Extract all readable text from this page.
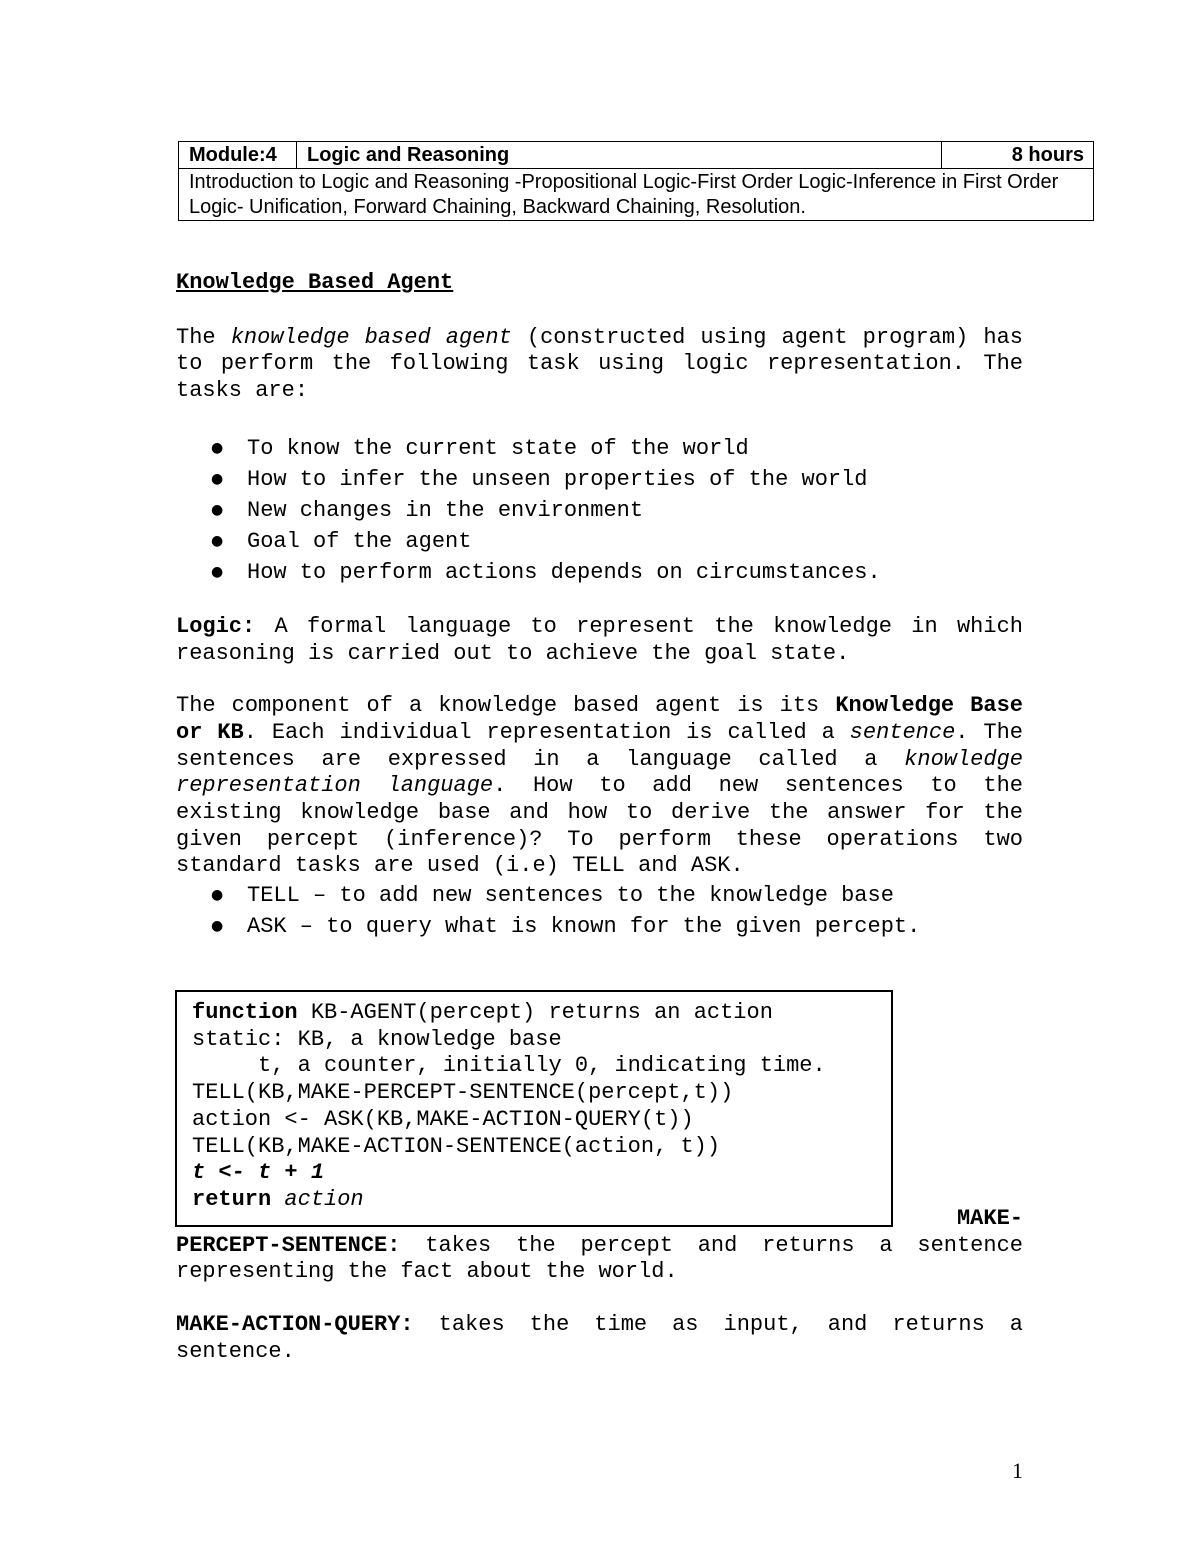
Module:4	Logic and Reasoning	8 hours
Introduction to Logic and Reasoning -Propositional Logic-First Order Logic-Inference in First Order Logic- Unification, Forward Chaining, Backward Chaining, Resolution.

Knowledge Based Agent

The knowledge based agent (constructed using agent program) has to perform the following task using logic representation. The tasks are:

● To know the current state of the world
● How to infer the unseen properties of the world
● New changes in the environment
● Goal of the agent
● How to perform actions depends on circumstances.

Logic: A formal language to represent the knowledge in which reasoning is carried out to achieve the goal state.

The component of a knowledge based agent is its Knowledge Base or KB. Each individual representation is called a sentence. The sentences are expressed in a language called a knowledge representation language. How to add new sentences to the existing knowledge base and how to derive the answer for the given percept (inference)? To perform these operations two standard tasks are used (i.e) TELL and ASK.

● TELL – to add new sentences to the knowledge base
● ASK – to query what is known for the given percept.
function KB-AGENT(percept) returns an action
static: KB, a knowledge base
t, a counter, initially 0, indicating time.
TELL(KB,MAKE-PERCEPT-SENTENCE(percept,t))
action <- ASK(KB,MAKE-ACTION-QUERY(t))
TELL(KB,MAKE-ACTION-SENTENCE(action, t))
t <- t + 1
return action

MAKE-

PERCEPT-SENTENCE: takes the percept and returns a sentence representing the fact about the world.

MAKE-ACTION-QUERY: takes the time as input, and returns a sentence.

1
